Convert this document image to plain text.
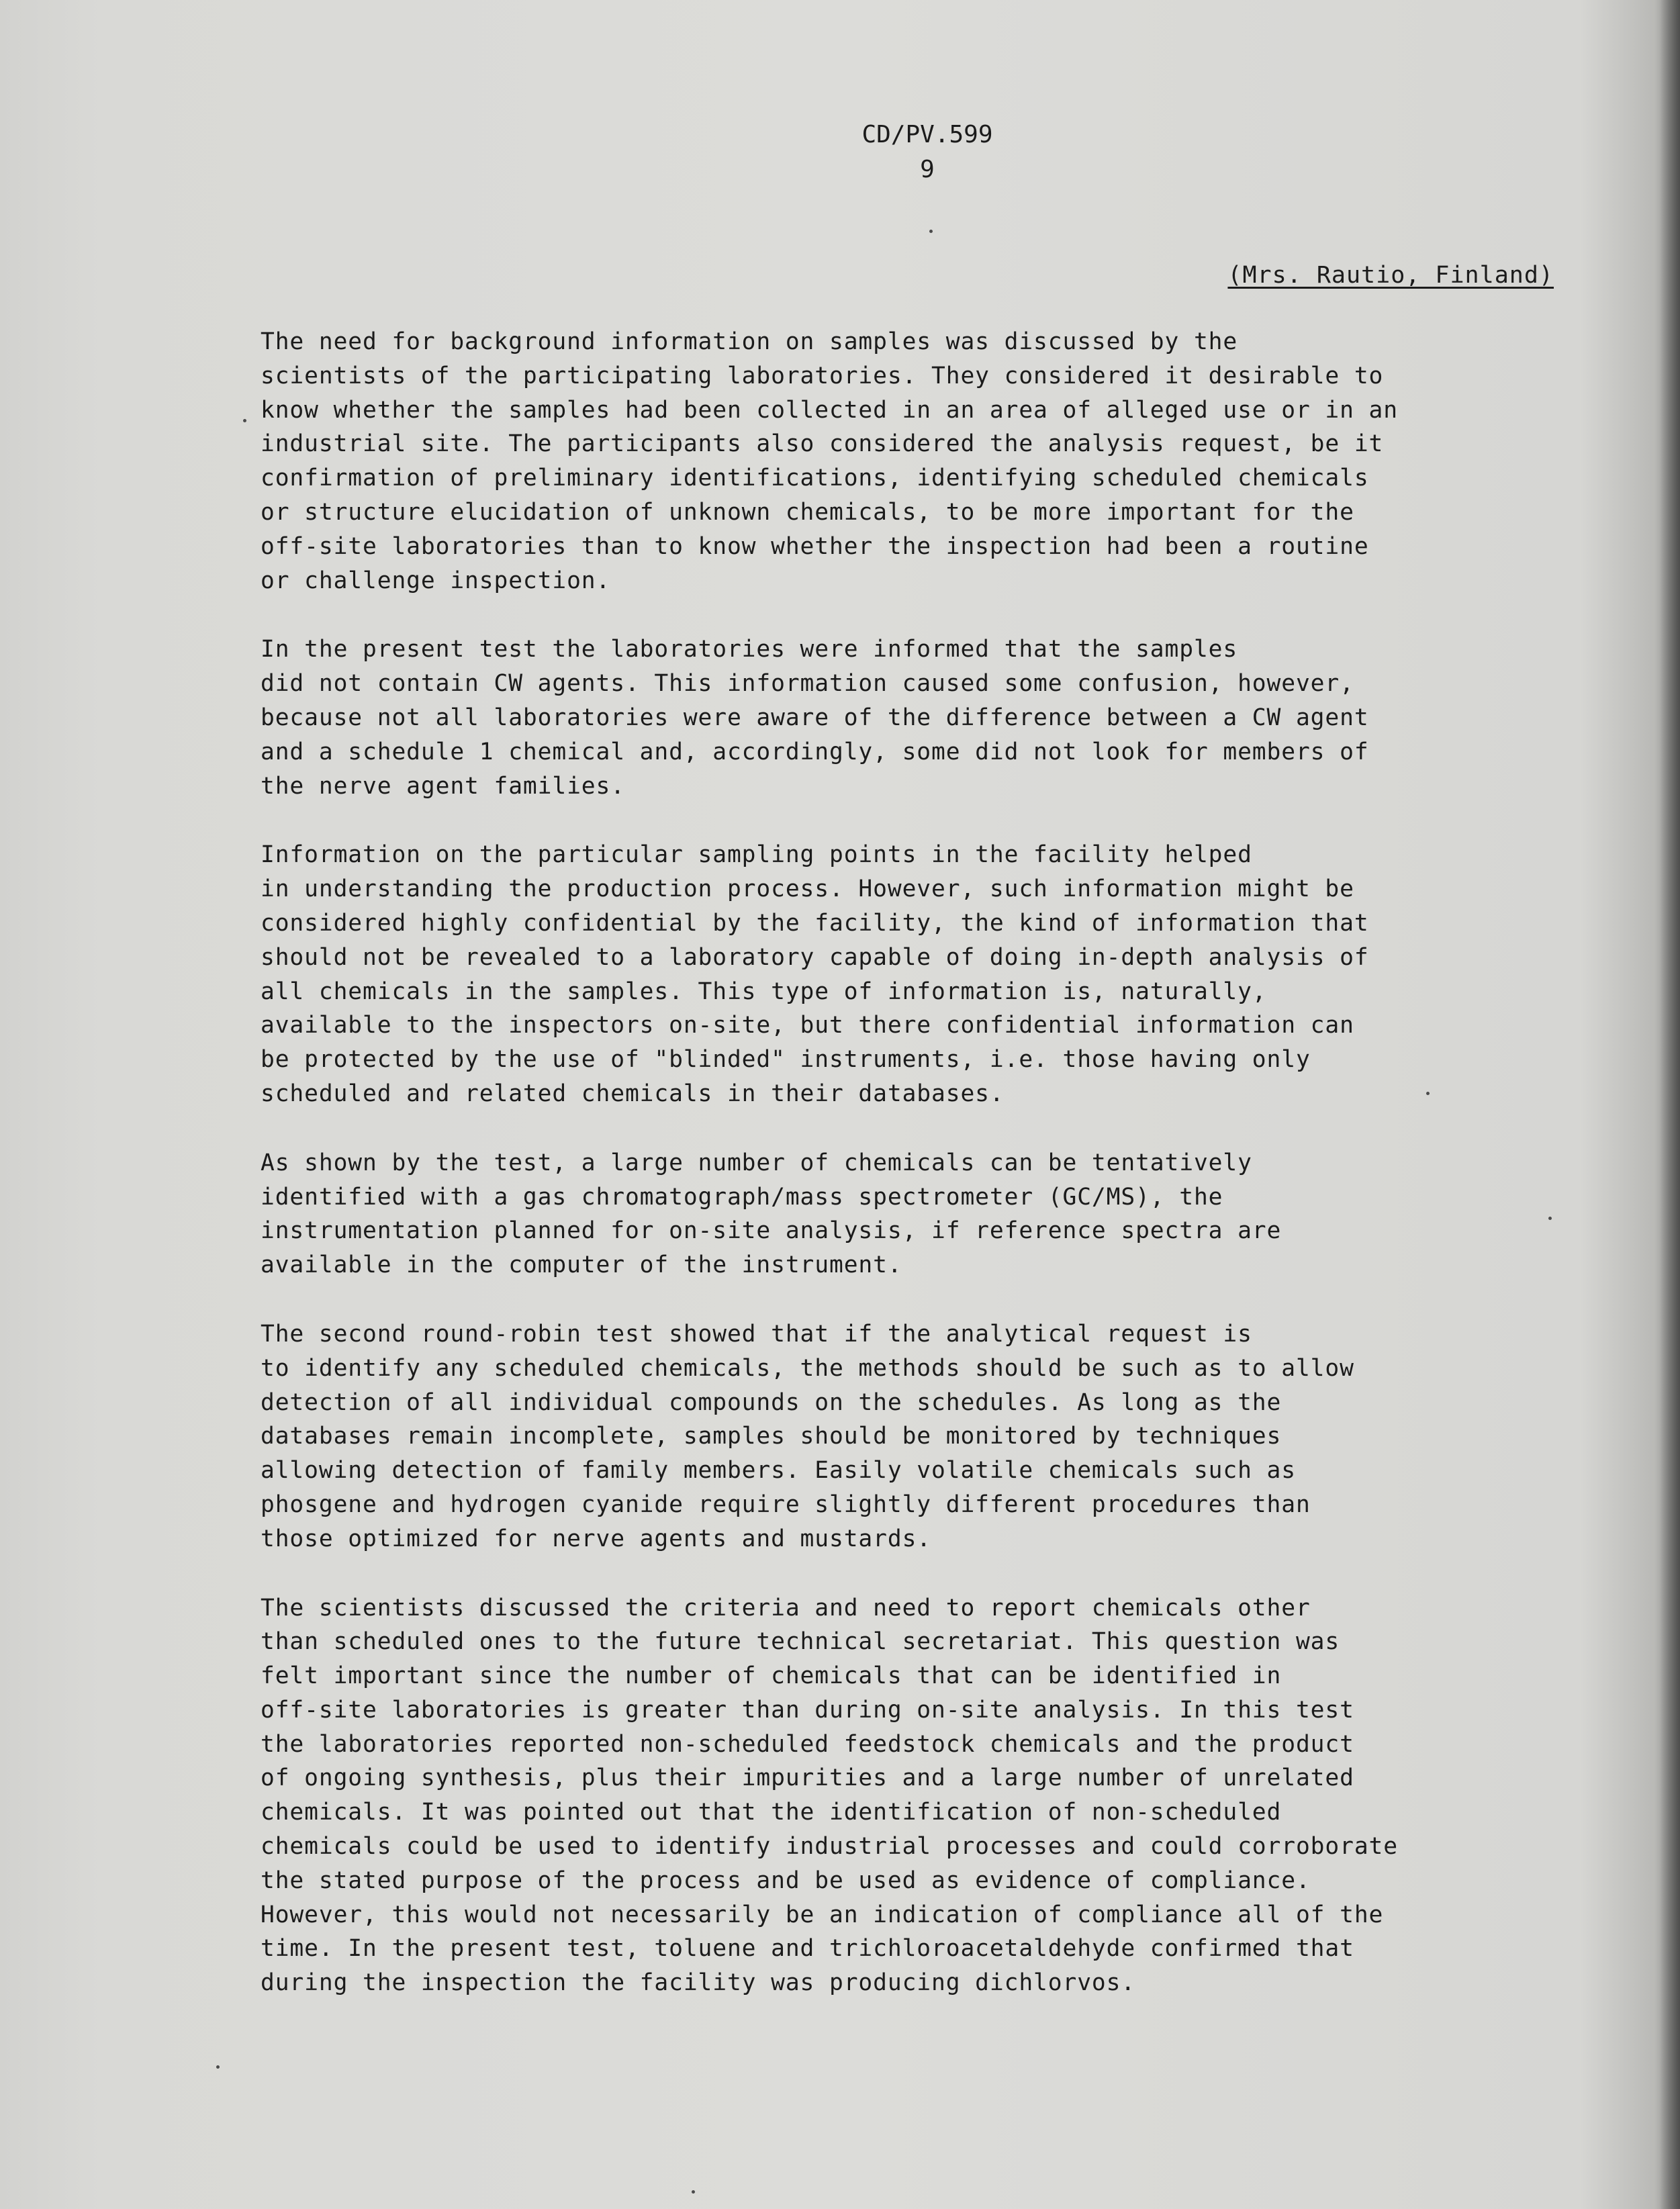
CD/PV.599
9
(Mrs. Rautio, Finland)

The need for background information on samples was discussed by the
scientists of the participating laboratories. They considered it desirable to
know whether the samples had been collected in an area of alleged use or in an
industrial site. The participants also considered the analysis request, be it
confirmation of preliminary identifications, identifying scheduled chemicals
or structure elucidation of unknown chemicals, to be more important for the
off-site laboratories than to know whether the inspection had been a routine
or challenge inspection.

In the present test the laboratories were informed that the samples
did not contain CW agents. This information caused some confusion, however,
because not all laboratories were aware of the difference between a CW agent
and a schedule 1 chemical and, accordingly, some did not look for members of
the nerve agent families.

Information on the particular sampling points in the facility helped
in understanding the production process. However, such information might be
considered highly confidential by the facility, the kind of information that
should not be revealed to a laboratory capable of doing in-depth analysis of
all chemicals in the samples. This type of information is, naturally,
available to the inspectors on-site, but there confidential information can
be protected by the use of "blinded" instruments, i.e. those having only
scheduled and related chemicals in their databases.

As shown by the test, a large number of chemicals can be tentatively
identified with a gas chromatograph/mass spectrometer (GC/MS), the
instrumentation planned for on-site analysis, if reference spectra are
available in the computer of the instrument.

The second round-robin test showed that if the analytical request is
to identify any scheduled chemicals, the methods should be such as to allow
detection of all individual compounds on the schedules. As long as the
databases remain incomplete, samples should be monitored by techniques
allowing detection of family members. Easily volatile chemicals such as
phosgene and hydrogen cyanide require slightly different procedures than
those optimized for nerve agents and mustards.

The scientists discussed the criteria and need to report chemicals other
than scheduled ones to the future technical secretariat. This question was
felt important since the number of chemicals that can be identified in
off-site laboratories is greater than during on-site analysis. In this test
the laboratories reported non-scheduled feedstock chemicals and the product
of ongoing synthesis, plus their impurities and a large number of unrelated
chemicals. It was pointed out that the identification of non-scheduled
chemicals could be used to identify industrial processes and could corroborate
the stated purpose of the process and be used as evidence of compliance.
However, this would not necessarily be an indication of compliance all of the
time. In the present test, toluene and trichloroacetaldehyde confirmed that
during the inspection the facility was producing dichlorvos.
